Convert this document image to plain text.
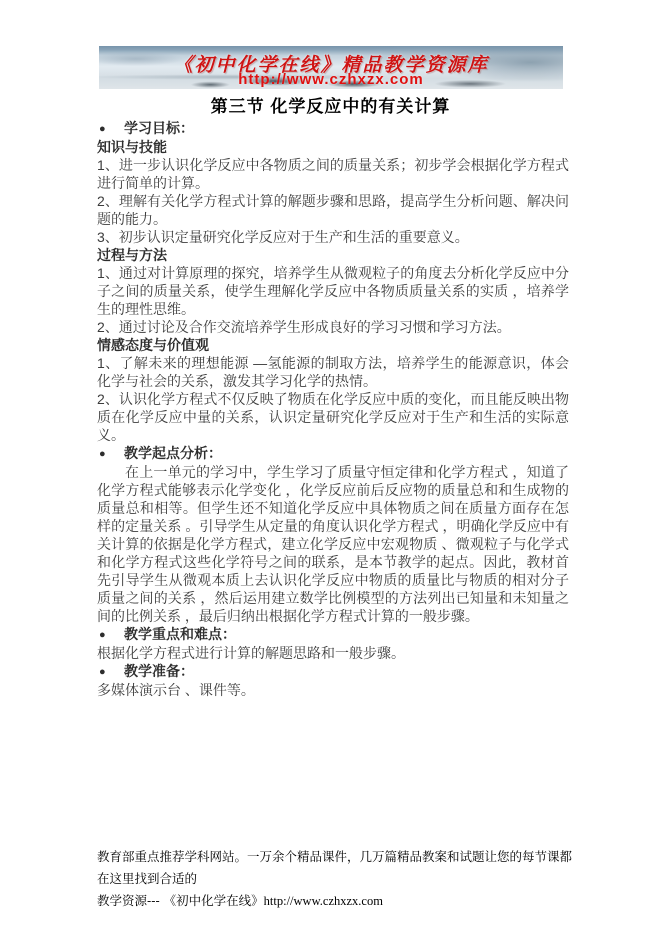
《初中化学在线》精品教学资源库
http://www.czhxzx.com
第三节 化学反应中的有关计算

● 学习目标：

知识与技能

1、进一步认识化学反应中各物质之间的质量关系；初步学会根据化学方程式进行简单的计算。

2、理解有关化学方程式计算的解题步骤和思路，提高学生分析问题、解决问题的能力。

3、初步认识定量研究化学反应对于生产和生活的重要意义。

过程与方法

1、通过对计算原理的探究，培养学生从微观粒子的角度去分析化学反应中分子之间的质量关系，使学生理解化学反应中各物质质量关系的实质 ，培养学生的理性思维。

2、通过讨论及合作交流培养学生形成良好的学习习惯和学习方法。

情感态度与价值观

1、了解未来的理想能源 —氢能源的制取方法，培养学生的能源意识，体会化学与社会的关系，激发其学习化学的热情。

2、认识化学方程式不仅反映了物质在化学反应中质的变化，而且能反映出物质在化学反应中量的关系，认识定量研究化学反应对于生产和生活的实际意义。

● 教学起点分析：

在上一单元的学习中，学生学习了质量守恒定律和化学方程式 ，知道了化学方程式能够表示化学变化 ，化学反应前后反应物的质量总和和生成物的质量总和相等。但学生还不知道化学反应中具体物质之间在质量方面存在怎样的定量关系 。引导学生从定量的角度认识化学方程式 ，明确化学反应中有关计算的依据是化学方程式，建立化学反应中宏观物质 、微观粒子与化学式和化学方程式这些化学符号之间的联系，是本节教学的起点。因此，教材首先引导学生从微观本质上去认识化学反应中物质的质量比与物质的相对分子质量之间的关系 ，然后运用建立数学比例模型的方法列出已知量和未知量之间的比例关系 ，最后归纳出根据化学方程式计算的一般步骤。

● 教学重点和难点：

根据化学方程式进行计算的解题思路和一般步骤。

● 教学准备：

多媒体演示台 、课件等。

教育部重点推荐学科网站。一万余个精品课件，几万篇精品教案和试题让您的每节课都在这里找到合适的

教学资源--- 《初中化学在线》http://www.czhxzx.com
